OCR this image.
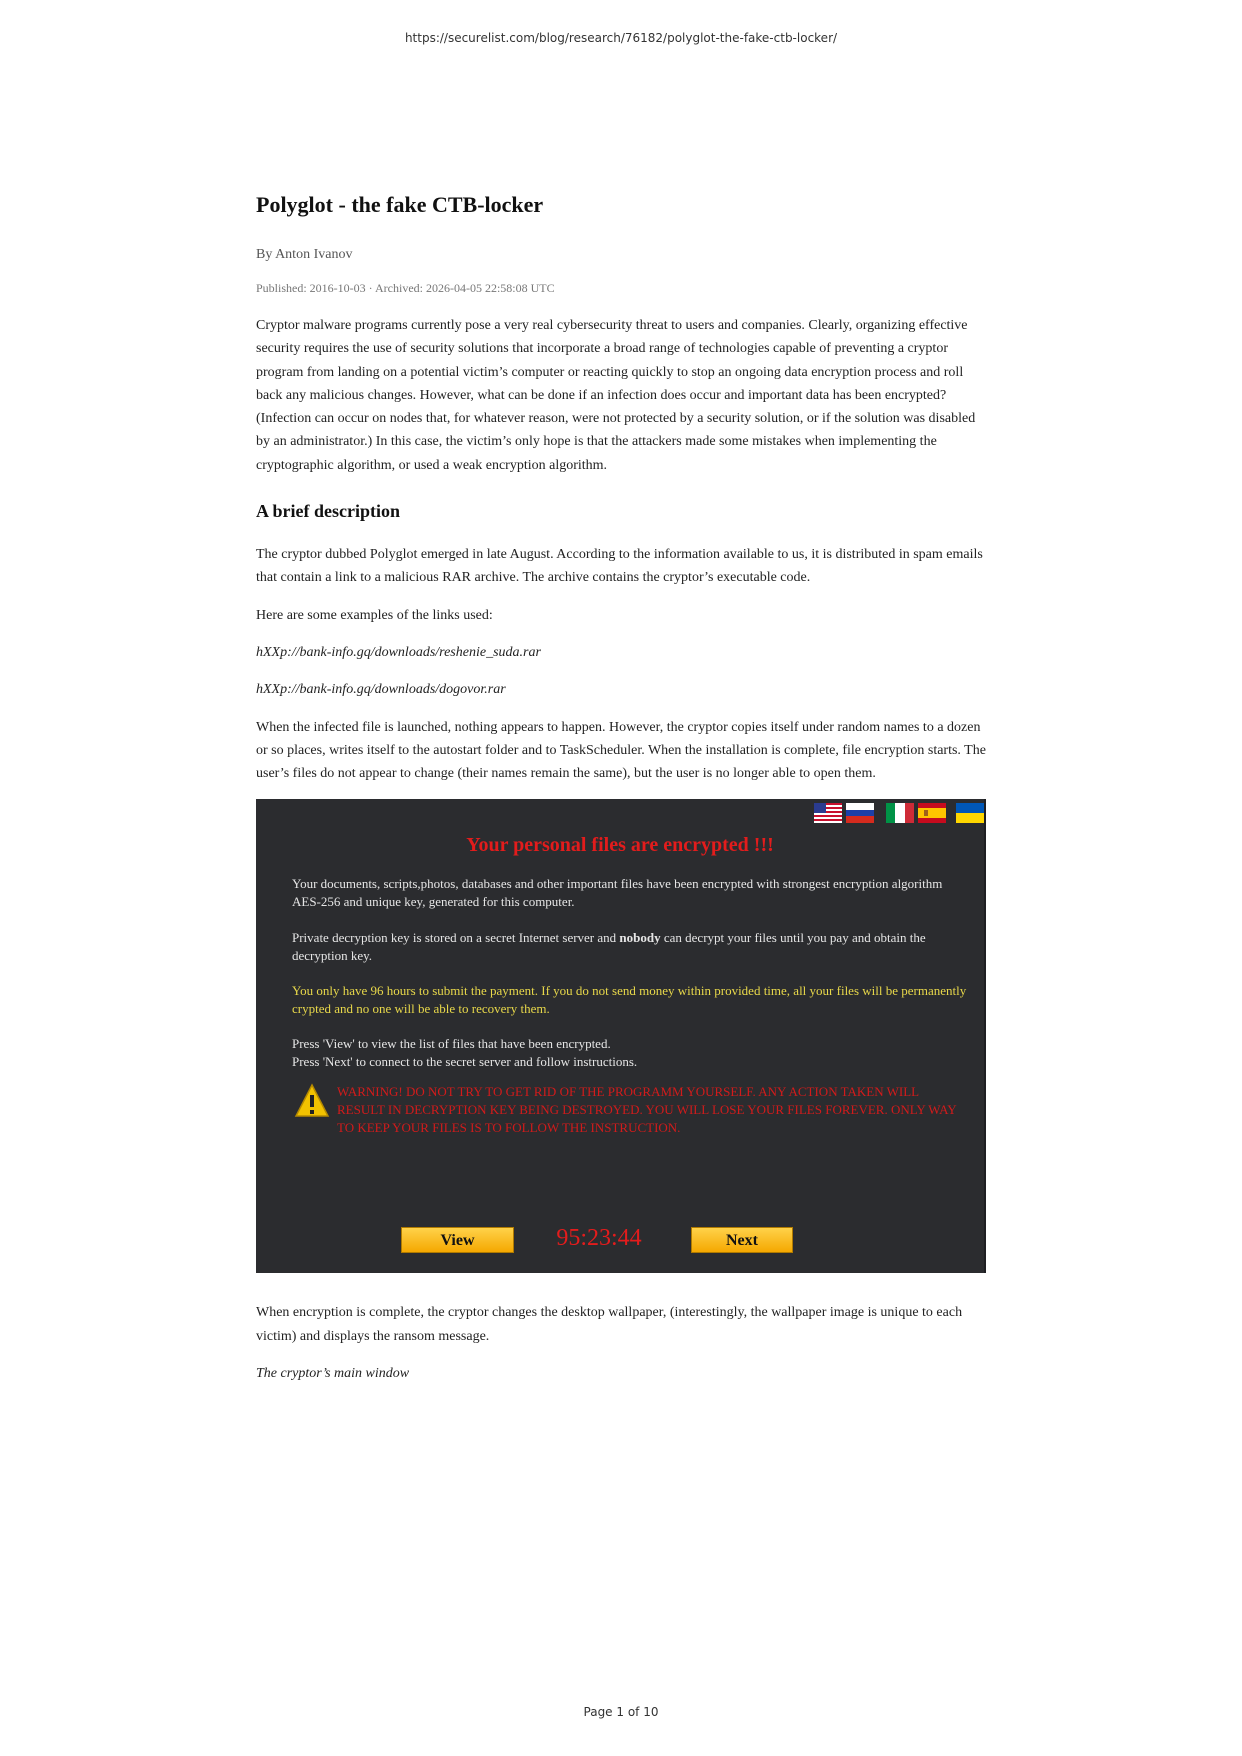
https://securelist.com/blog/research/76182/polyglot-the-fake-ctb-locker/
Polyglot - the fake CTB-locker
By Anton Ivanov
Published: 2016-10-03 · Archived: 2026-04-05 22:58:08 UTC

Cryptor malware programs currently pose a very real cybersecurity threat to users and companies. Clearly, organizing effective security requires the use of security solutions that incorporate a broad range of technologies capable of preventing a cryptor program from landing on a potential victim’s computer or reacting quickly to stop an ongoing data encryption process and roll back any malicious changes. However, what can be done if an infection does occur and important data has been encrypted? (Infection can occur on nodes that, for whatever reason, were not protected by a security solution, or if the solution was disabled by an administrator.) In this case, the victim’s only hope is that the attackers made some mistakes when implementing the cryptographic algorithm, or used a weak encryption algorithm.

A brief description

The cryptor dubbed Polyglot emerged in late August. According to the information available to us, it is distributed in spam emails that contain a link to a malicious RAR archive. The archive contains the cryptor’s executable code.

Here are some examples of the links used:

hXXp://bank-info.gq/downloads/reshenie_suda.rar

hXXp://bank-info.gq/downloads/dogovor.rar

When the infected file is launched, nothing appears to happen. However, the cryptor copies itself under random names to a dozen or so places, writes itself to the autostart folder and to TaskScheduler. When the installation is complete, file encryption starts. The user’s files do not appear to change (their names remain the same), but the user is no longer able to open them.

Your personal files are encrypted !!!
Your documents, scripts,photos, databases and other important files have been encrypted with strongest encryption algorithm AES-256 and unique key, generated for this computer.
Private decryption key is stored on a secret Internet server and nobody can decrypt your files until you pay and obtain the decryption key.
You only have 96 hours to submit the payment. If you do not send money within provided time, all your files will be permanently crypted and no one will be able to recovery them.
Press 'View' to view the list of files that have been encrypted.
Press 'Next' to connect to the secret server and follow instructions.
WARNING! DO NOT TRY TO GET RID OF THE PROGRAMM YOURSELF. ANY ACTION TAKEN WILL RESULT IN DECRYPTION KEY BEING DESTROYED. YOU WILL LOSE YOUR FILES FOREVER. ONLY WAY TO KEEP YOUR FILES IS TO FOLLOW THE INSTRUCTION.
View	95:23:44	Next

When encryption is complete, the cryptor changes the desktop wallpaper, (interestingly, the wallpaper image is unique to each victim) and displays the ransom message.

The cryptor’s main window

Page 1 of 10
